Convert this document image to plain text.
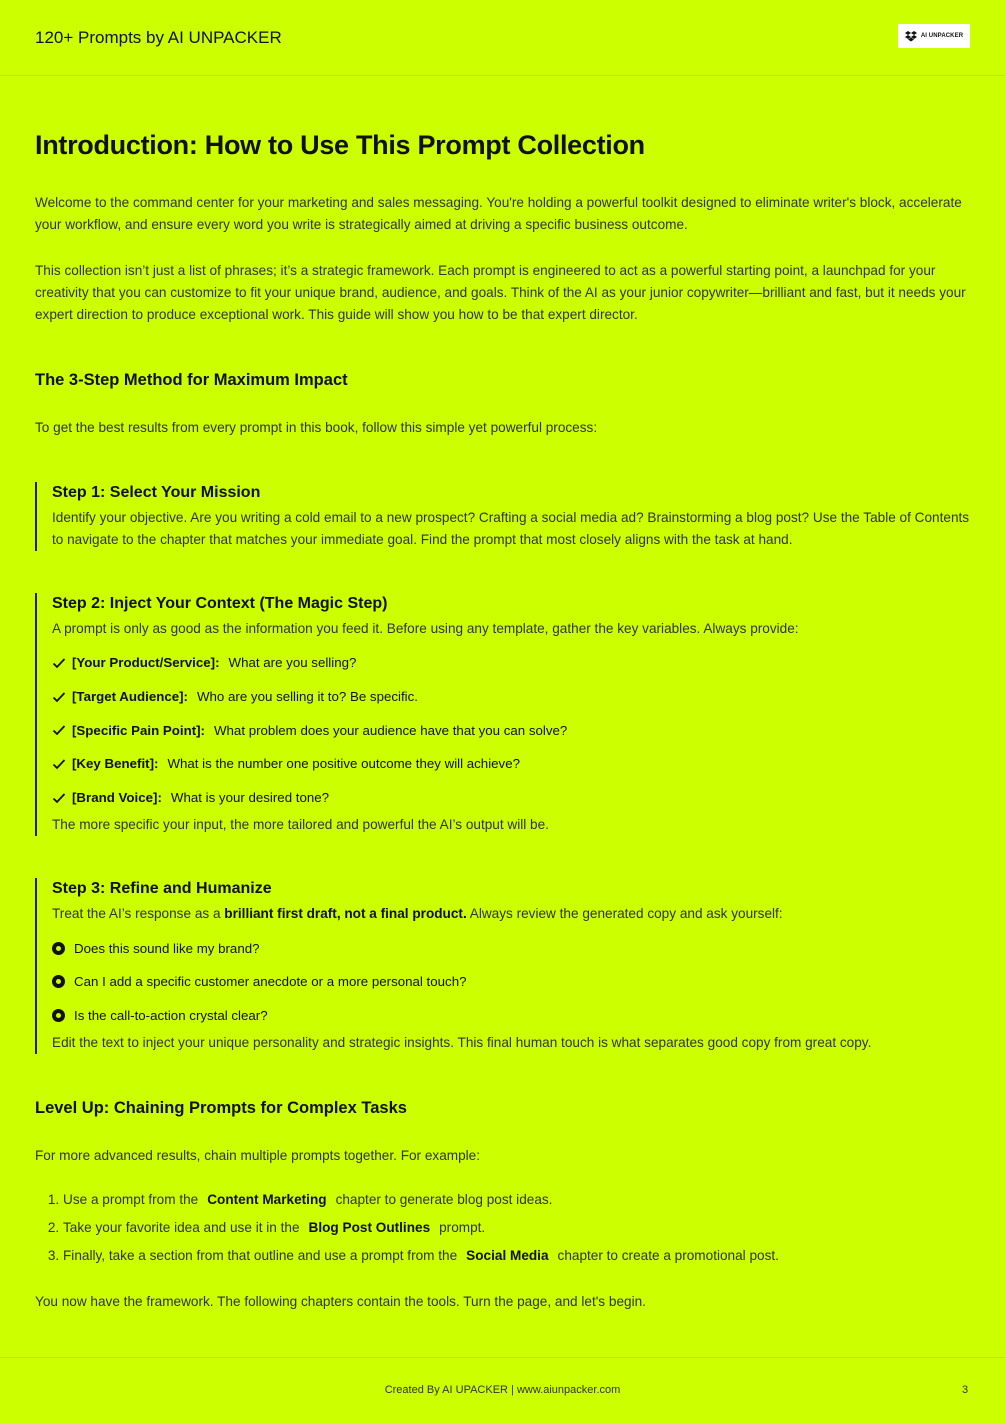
120+ Prompts by AI UNPACKER	AI UNPACKER
Introduction: How to Use This Prompt Collection

Welcome to the command center for your marketing and sales messaging. You're holding a powerful toolkit designed to eliminate writer's block, accelerate your workflow, and ensure every word you write is strategically aimed at driving a specific business outcome.

This collection isn’t just a list of phrases; it’s a strategic framework. Each prompt is engineered to act as a powerful starting point, a launchpad for your creativity that you can customize to fit your unique brand, audience, and goals. Think of the AI as your junior copywriter—brilliant and fast, but it needs your expert direction to produce exceptional work. This guide will show you how to be that expert director.

The 3-Step Method for Maximum Impact

To get the best results from every prompt in this book, follow this simple yet powerful process:

Step 1: Select Your Mission

Identify your objective. Are you writing a cold email to a new prospect? Crafting a social media ad? Brainstorming a blog post? Use the Table of Contents to navigate to the chapter that matches your immediate goal. Find the prompt that most closely aligns with the task at hand.

Step 2: Inject Your Context (The Magic Step)

A prompt is only as good as the information you feed it. Before using any template, gather the key variables. Always provide:

[Your Product/Service]: What are you selling?
[Target Audience]: Who are you selling it to? Be specific.
[Specific Pain Point]: What problem does your audience have that you can solve?
[Key Benefit]: What is the number one positive outcome they will achieve?
[Brand Voice]: What is your desired tone?

The more specific your input, the more tailored and powerful the AI’s output will be.

Step 3: Refine and Humanize

Treat the AI’s response as a brilliant first draft, not a final product. Always review the generated copy and ask yourself:

Does this sound like my brand?
Can I add a specific customer anecdote or a more personal touch?
Is the call-to-action crystal clear?

Edit the text to inject your unique personality and strategic insights. This final human touch is what separates good copy from great copy.

Level Up: Chaining Prompts for Complex Tasks

For more advanced results, chain multiple prompts together. For example:

1. Use a prompt from the Content Marketing chapter to generate blog post ideas.
2. Take your favorite idea and use it in the Blog Post Outlines prompt.
3. Finally, take a section from that outline and use a prompt from the Social Media chapter to create a promotional post.

You now have the framework. The following chapters contain the tools. Turn the page, and let's begin.

Created By AI UPACKER | www.aiunpacker.com	3
